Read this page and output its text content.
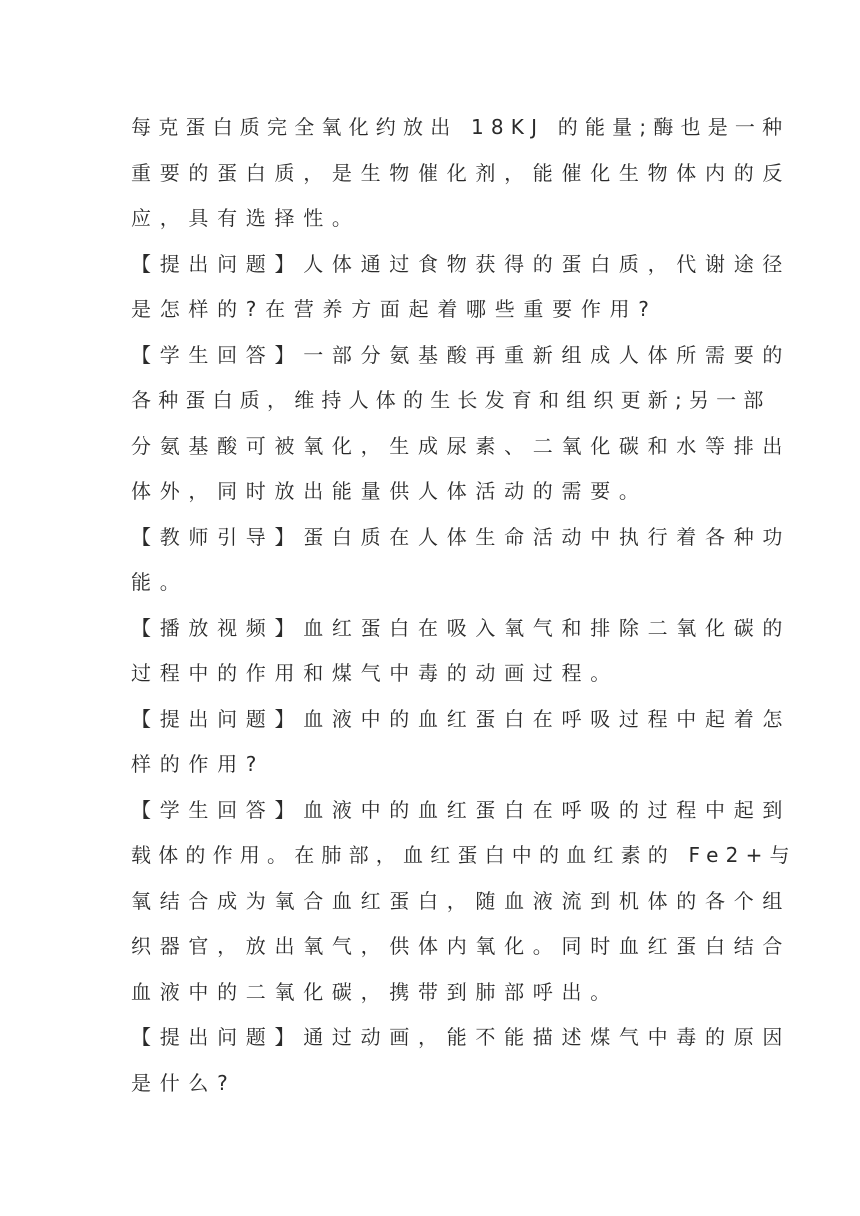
每克蛋白质完全氧化约放出 18KJ 的能量;酶也是一种
重要的蛋白质，是生物催化剂，能催化生物体内的反
应，具有选择性。
【提出问题】人体通过食物获得的蛋白质，代谢途径
是怎样的?在营养方面起着哪些重要作用?
【学生回答】一部分氨基酸再重新组成人体所需要的
各种蛋白质，维持人体的生长发育和组织更新;另一部
分氨基酸可被氧化，生成尿素、二氧化碳和水等排出
体外，同时放出能量供人体活动的需要。
【教师引导】蛋白质在人体生命活动中执行着各种功
能。
【播放视频】血红蛋白在吸入氧气和排除二氧化碳的
过程中的作用和煤气中毒的动画过程。
【提出问题】血液中的血红蛋白在呼吸过程中起着怎
样的作用?
【学生回答】血液中的血红蛋白在呼吸的过程中起到
载体的作用。在肺部，血红蛋白中的血红素的 Fe2+与
氧结合成为氧合血红蛋白，随血液流到机体的各个组
织器官，放出氧气，供体内氧化。同时血红蛋白结合
血液中的二氧化碳，携带到肺部呼出。
【提出问题】通过动画，能不能描述煤气中毒的原因
是什么?
